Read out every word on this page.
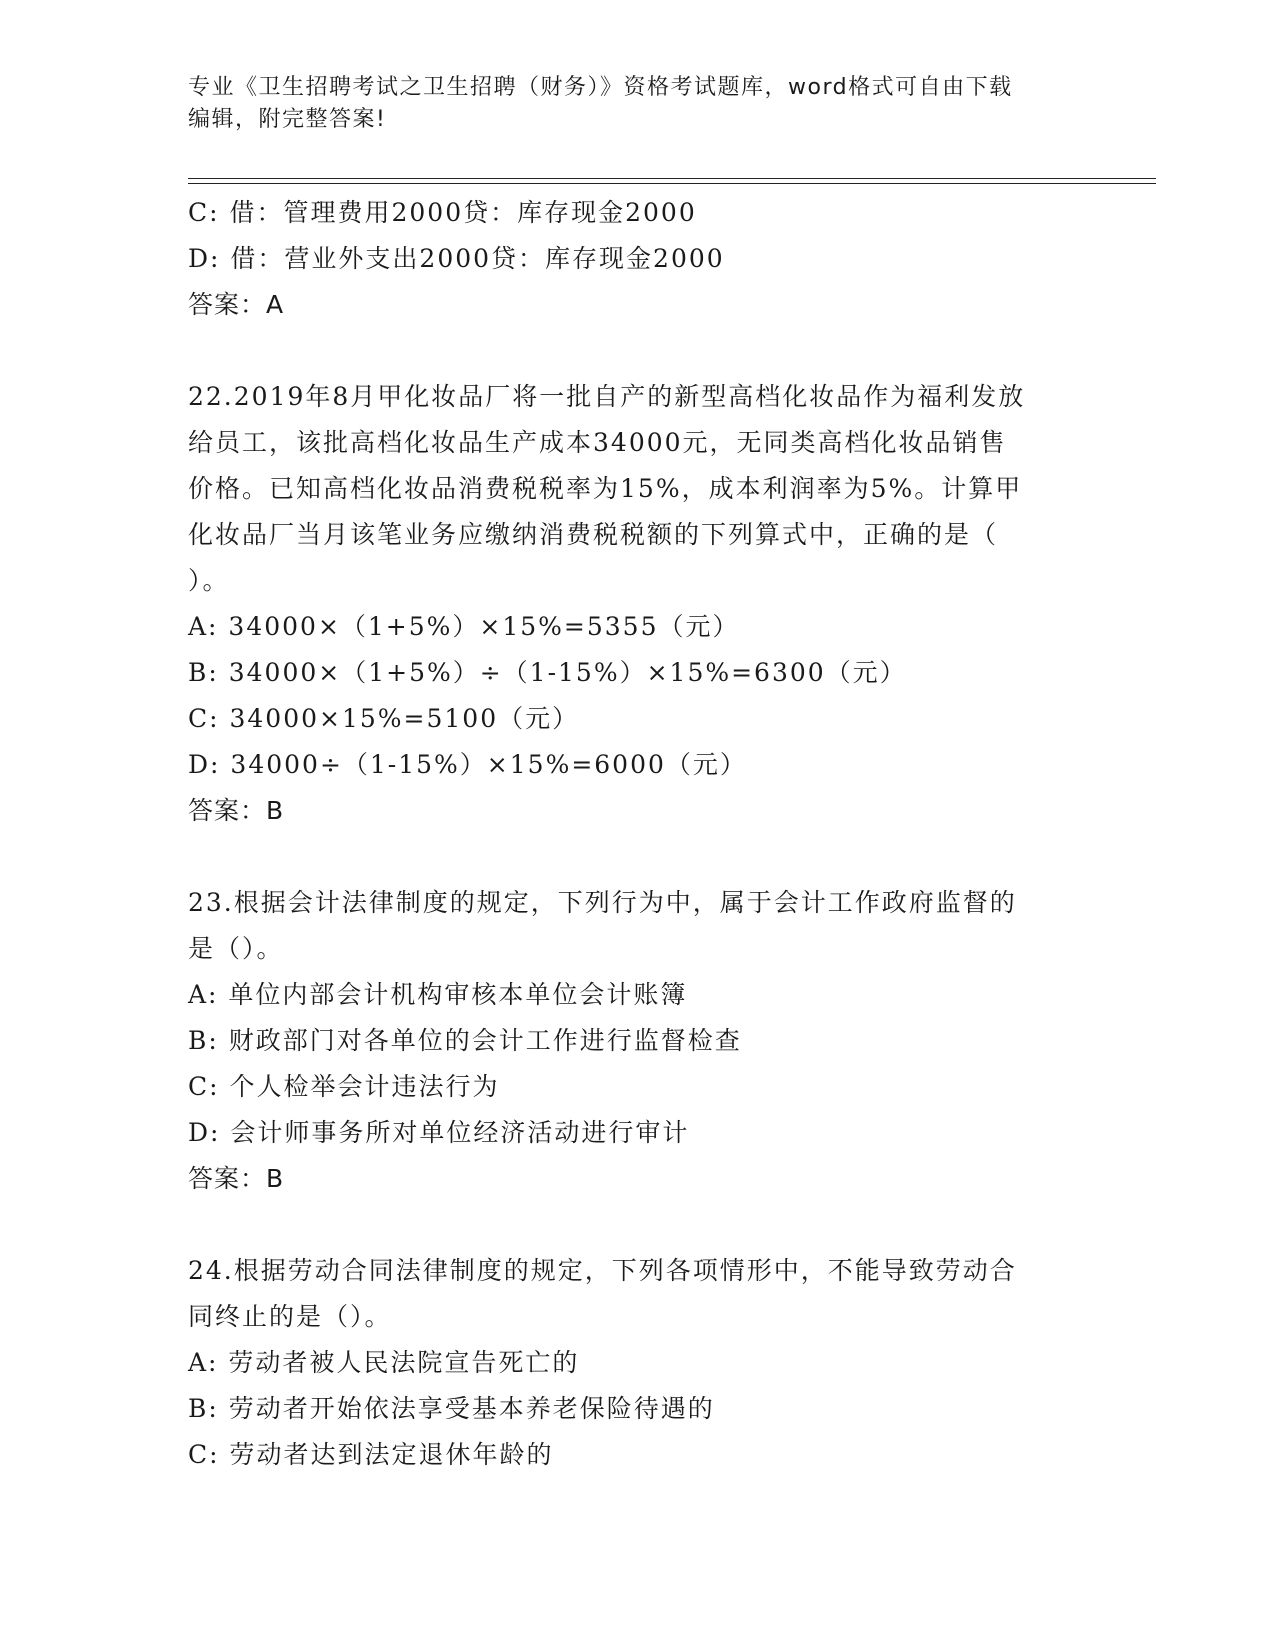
专业《卫生招聘考试之卫生招聘（财务）》资格考试题库，word格式可自由下载
编辑，附完整答案!
C: 借：管理费用2000贷：库存现金2000
D: 借：营业外支出2000贷：库存现金2000
答案：A
22.2019年8月甲化妆品厂将一批自产的新型高档化妆品作为福利发放
给员工，该批高档化妆品生产成本34000元，无同类高档化妆品销售
价格。已知高档化妆品消费税税率为15%，成本利润率为5%。计算甲
化妆品厂当月该笔业务应缴纳消费税税额的下列算式中，正确的是（
）。
A: 34000×（1+5%）×15%=5355（元）
B: 34000×（1+5%）÷（1-15%）×15%=6300（元）
C: 34000×15%=5100（元）
D: 34000÷（1-15%）×15%=6000（元）
答案：B
23.根据会计法律制度的规定，下列行为中，属于会计工作政府监督的
是（）。
A: 单位内部会计机构审核本单位会计账簿
B: 财政部门对各单位的会计工作进行监督检查
C: 个人检举会计违法行为
D: 会计师事务所对单位经济活动进行审计
答案：B
24.根据劳动合同法律制度的规定，下列各项情形中，不能导致劳动合
同终止的是（）。
A: 劳动者被人民法院宣告死亡的
B: 劳动者开始依法享受基本养老保险待遇的
C: 劳动者达到法定退休年龄的
